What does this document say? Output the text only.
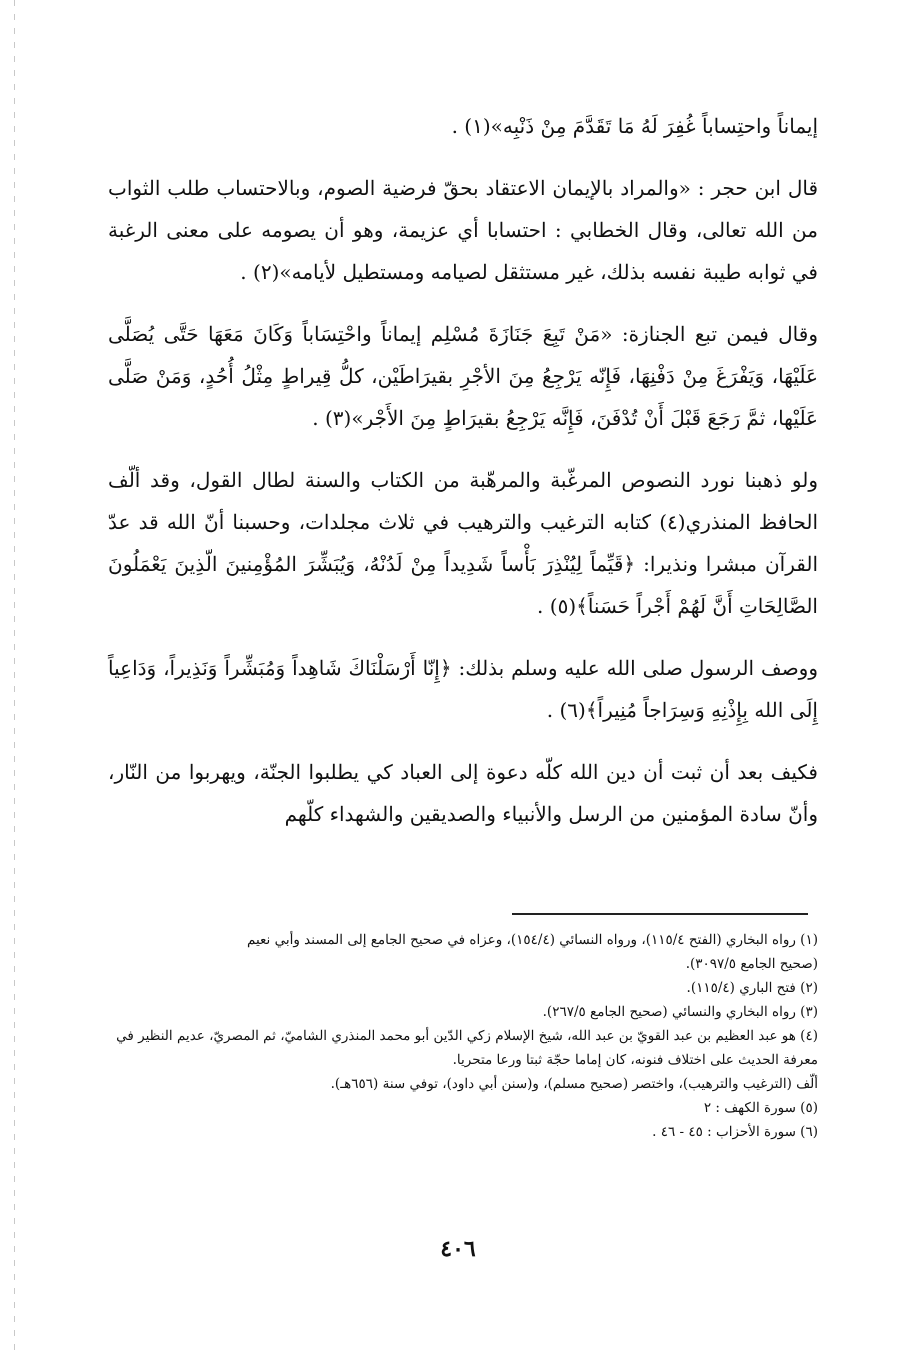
إيماناً واحتِساباً غُفِرَ لَهُ مَا تَقَدَّمَ مِنْ ذَنْبِه»(١) .

قال ابن حجر : «والمراد بالإيمان الاعتقاد بحقّ فرضية الصوم، وبالاحتساب طلب الثواب من الله تعالى، وقال الخطابي : احتسابا أي عزيمة، وهو أن يصومه على معنى الرغبة في ثوابه طيبة نفسه بذلك، غير مستثقل لصيامه ومستطيل لأيامه»(٢) .

وقال فيمن تبع الجنازة: «مَنْ تَبِعَ جَنَازَةَ مُسْلِم إيماناً واحْتِسَاباً وَكَانَ مَعَهَا حَتَّى يُصَلَّى عَلَيْهَا، وَيَفْرَغَ مِنْ دَفْنِهَا، فَإِنّه يَرْجِعُ مِنَ الأجْرِ بقيرَاطَيْن، كلُّ قِيراطٍ مِثْلُ أُحُدٍ، وَمَنْ صَلَّى عَلَيْها، ثمَّ رَجَعَ قَبْلَ أَنْ تُدْفَنَ، فَإِنَّه يَرْجِعُ بقيرَاطٍ مِنَ الأَجْر»(٣) .

ولو ذهبنا نورد النصوص المرغّبة والمرهّبة من الكتاب والسنة لطال القول، وقد ألّف الحافظ المنذري(٤) كتابه الترغيب والترهيب في ثلاث مجلدات، وحسبنا أنّ الله قد عدّ القرآن مبشرا ونذيرا: ﴿قَيِّماً لِيُنْذِرَ بَأْساً شَدِيداً مِنْ لَدُنْهُ، وَيُبَشِّرَ المُؤْمِنينَ الّذِينَ يَعْمَلُونَ الصَّالِحَاتِ أَنَّ لَهُمْ أَجْراً حَسَناً﴾(٥) .

ووصف الرسول صلى الله عليه وسلم بذلك: ﴿إِنّا أَرْسَلْنَاكَ شَاهِداً وَمُبَشِّراً وَنَذِيراً، وَدَاعِياً إِلَى الله بِإِذْنِهِ وَسِرَاجاً مُنِيراً﴾(٦) .

فكيف بعد أن ثبت أن دين الله كلّه دعوة إلى العباد كي يطلبوا الجنّة، ويهربوا من النّار، وأنّ سادة المؤمنين من الرسل والأنبياء والصديقين والشهداء كلّهم

(١) رواه البخاري (الفتح ١١٥/٤)، ورواه النسائي (١٥٤/٤)، وعزاه في صحيح الجامع إلى المسند وأبي نعيم

(صحيح الجامع ٣٠٩٧/٥).

(٢) فتح الباري (١١٥/٤).

(٣) رواه البخاري والنسائي (صحيح الجامع ٢٦٧/٥).

(٤) هو عبد العظيم بن عبد القويّ بن عبد الله، شيخ الإسلام زكي الدّين أبو محمد المنذري الشاميّ، ثم المصريّ، عديم النظير في معرفة الحديث على اختلاف فنونه، كان إماما حجّة ثبتا ورعا متحريا.

ألّف (الترغيب والترهيب)، واختصر (صحيح مسلم)، و(سنن أبي داود)، توفي سنة (٦٥٦هـ).

(٥) سورة الكهف : ٢

(٦) سورة الأحزاب : ٤٥ - ٤٦ .

٤٠٦
